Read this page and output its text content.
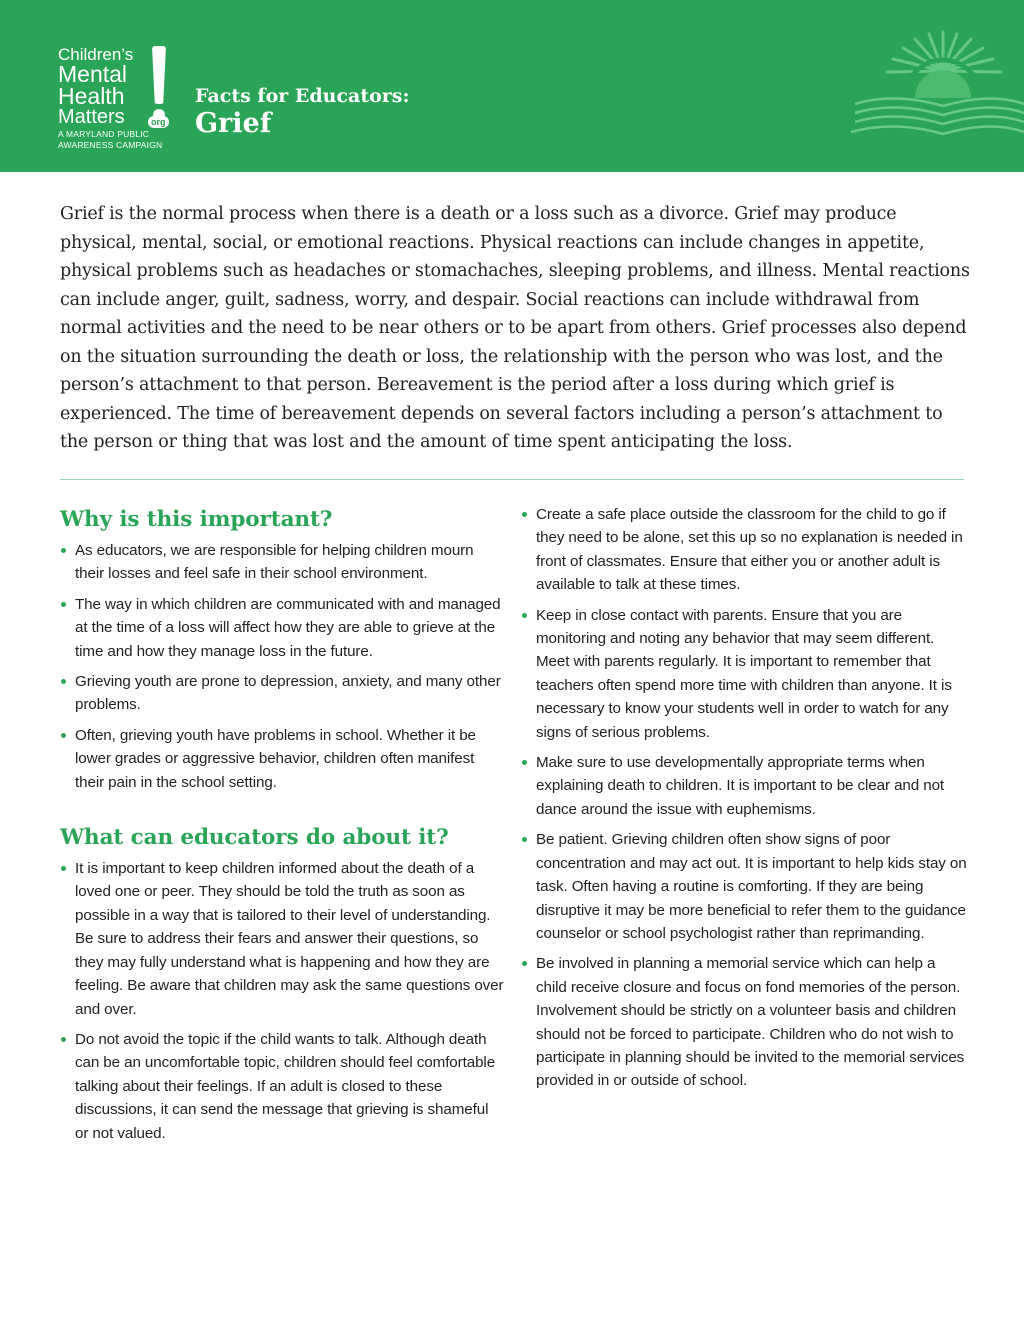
Children’s
Mental
Health
Matters	org
A MARYLAND PUBLIC
AWARENESS CAMPAIGN
Facts for Educators:
Grief

Grief is the normal process when there is a death or a loss such as a divorce. Grief may produce physical, mental, social, or emotional reactions. Physical reactions can include changes in appetite, physical problems such as headaches or stomachaches, sleeping problems, and illness. Mental reactions can include anger, guilt, sadness, worry, and despair. Social reactions can include withdrawal from normal activities and the need to be near others or to be apart from others. Grief processes also depend on the situation surrounding the death or loss, the relationship with the person who was lost, and the person’s attachment to that person. Bereavement is the period after a loss during which grief is experienced. The time of bereavement depends on several factors including a person’s attachment to the person or thing that was lost and the amount of time spent anticipating the loss.

Why is this important?
As educators, we are responsible for helping children mourn their losses and feel safe in their school environment.
The way in which children are communicated with and managed at the time of a loss will affect how they are able to grieve at the time and how they manage loss in the future.
Grieving youth are prone to depression, anxiety, and many other problems.
Often, grieving youth have problems in school. Whether it be lower grades or aggressive behavior, children often manifest their pain in the school setting.
What can educators do about it?
It is important to keep children informed about the death of a loved one or peer. They should be told the truth as soon as possible in a way that is tailored to their level of understanding. Be sure to address their fears and answer their questions, so they may fully understand what is happening and how they are feeling. Be aware that children may ask the same questions over and over.
Do not avoid the topic if the child wants to talk. Although death can be an uncomfortable topic, children should feel comfortable talking about their feelings. If an adult is closed to these discussions, it can send the message that grieving is shameful or not valued.
Create a safe place outside the classroom for the child to go if they need to be alone, set this up so no explanation is needed in front of classmates. Ensure that either you or another adult is available to talk at these times.
Keep in close contact with parents. Ensure that you are monitoring and noting any behavior that may seem different. Meet with parents regularly. It is important to remember that teachers often spend more time with children than anyone. It is necessary to know your students well in order to watch for any signs of serious problems.
Make sure to use developmentally appropriate terms when explaining death to children. It is important to be clear and not dance around the issue with euphemisms.
Be patient. Grieving children often show signs of poor concentration and may act out. It is important to help kids stay on task. Often having a routine is comforting. If they are being disruptive it may be more beneficial to refer them to the guidance counselor or school psychologist rather than reprimanding.
Be involved in planning a memorial service which can help a child receive closure and focus on fond memories of the person. Involvement should be strictly on a volunteer basis and children should not be forced to participate. Children who do not wish to participate in planning should be invited to the memorial services provided in or outside of school.
